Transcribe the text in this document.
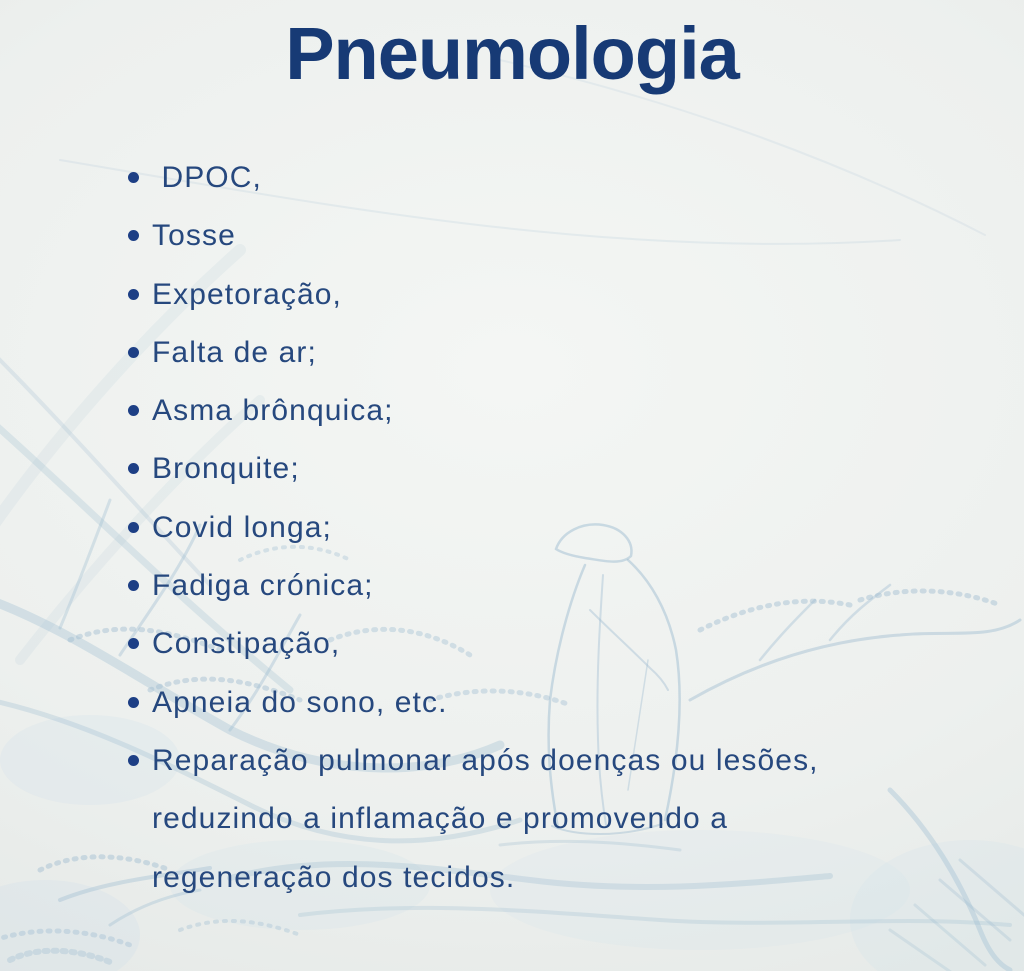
Pneumologia
DPOC,
Tosse
Expetoração,
Falta de ar;
Asma brônquica;
Bronquite;
Covid longa;
Fadiga crónica;
Constipação,
Apneia do sono, etc.
Reparação pulmonar após doenças ou lesões,
reduzindo a inflamação e promovendo a
regeneração dos tecidos.
